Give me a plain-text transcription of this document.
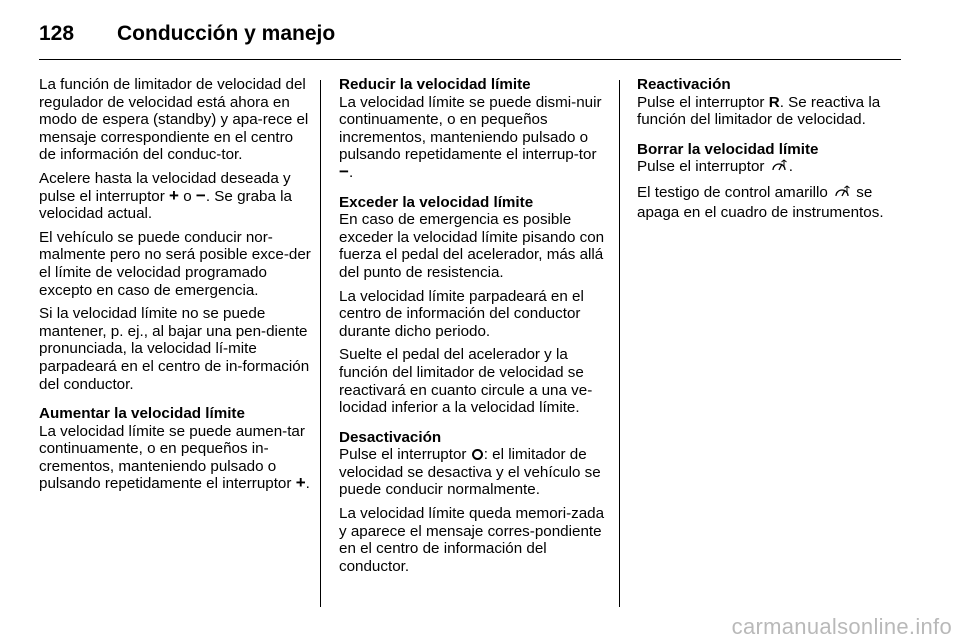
128	Conducción y manejo

La función de limitador de velocidad del regulador de velocidad está ahora en modo de espera (standby) y apa-rece el mensaje correspondiente en el centro de información del conduc-tor.

Acelere hasta la velocidad deseada y pulse el interruptor + o −. Se graba la velocidad actual.

El vehículo se puede conducir nor-malmente pero no será posible exce-der el límite de velocidad programado excepto en caso de emergencia.

Si la velocidad límite no se puede mantener, p. ej., al bajar una pen-diente pronunciada, la velocidad lí-mite parpadeará en el centro de in-formación del conductor.

Aumentar la velocidad límite

La velocidad límite se puede aumen-tar continuamente, o en pequeños in-crementos, manteniendo pulsado o pulsando repetidamente el interruptor +.

Reducir la velocidad límite

La velocidad límite se puede dismi-nuir continuamente, o en pequeños incrementos, manteniendo pulsado o pulsando repetidamente el interrup-tor −.

Exceder la velocidad límite

En caso de emergencia es posible exceder la velocidad límite pisando con fuerza el pedal del acelerador, más allá del punto de resistencia.

La velocidad límite parpadeará en el centro de información del conductor durante dicho periodo.

Suelte el pedal del acelerador y la función del limitador de velocidad se reactivará en cuanto circule a una ve-locidad inferior a la velocidad límite.

Desactivación

Pulse el interruptor : el limitador de velocidad se desactiva y el vehículo se puede conducir normalmente.

La velocidad límite queda memori-zada y aparece el mensaje corres-pondiente en el centro de información del conductor.

Reactivación

Pulse el interruptor R. Se reactiva la función del limitador de velocidad.

Borrar la velocidad límite

Pulse el interruptor .

El testigo de control amarillo se apaga en el cuadro de instrumentos.

carmanualsonline.info
